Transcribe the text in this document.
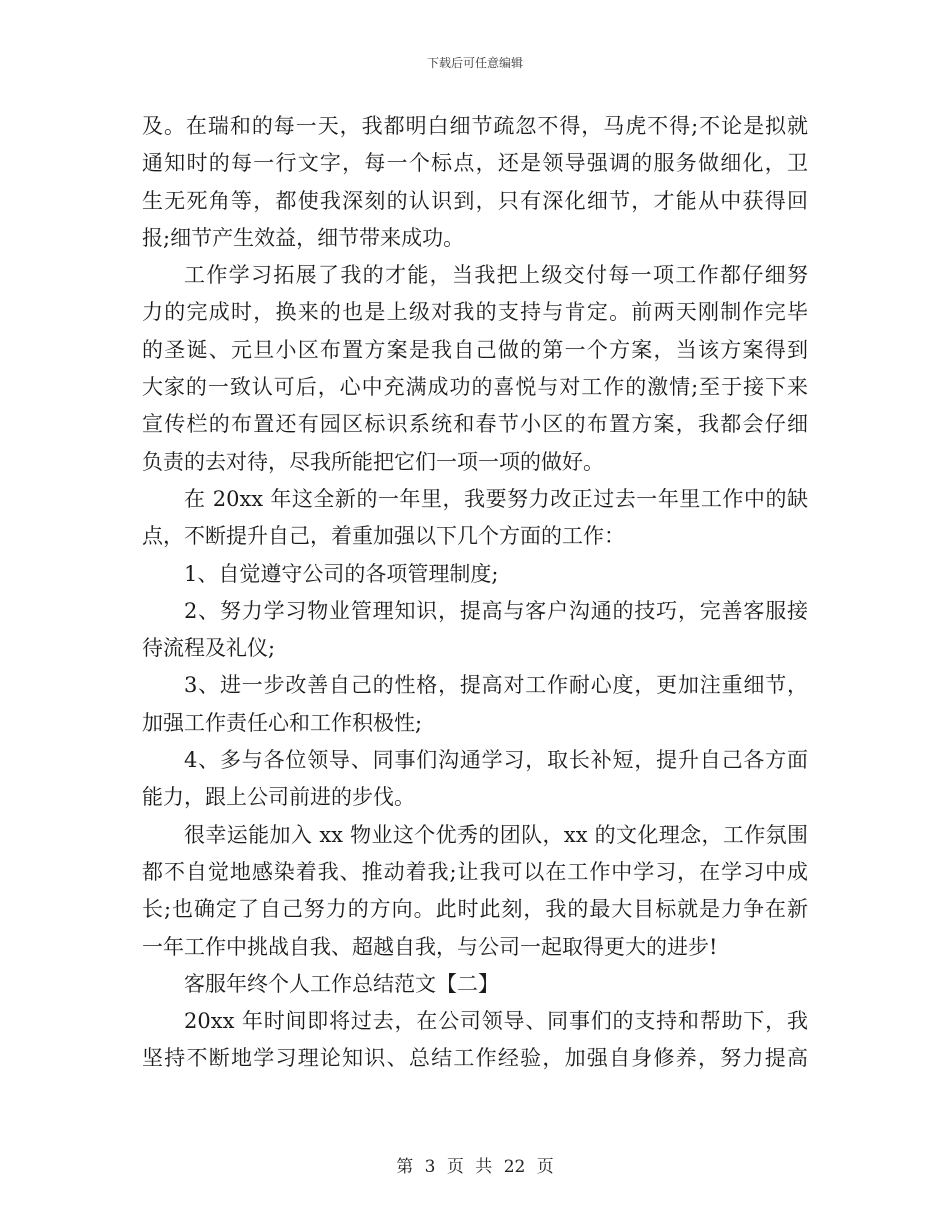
下载后可任意编辑
及。在瑞和的每一天，我都明白细节疏忽不得，马虎不得;不论是拟就
通知时的每一行文字，每一个标点，还是领导强调的服务做细化，卫
生无死角等，都使我深刻的认识到，只有深化细节，才能从中获得回
报;细节产生效益，细节带来成功。
工作学习拓展了我的才能，当我把上级交付每一项工作都仔细努
力的完成时，换来的也是上级对我的支持与肯定。前两天刚制作完毕
的圣诞、元旦小区布置方案是我自己做的第一个方案，当该方案得到
大家的一致认可后，心中充满成功的喜悦与对工作的激情;至于接下来
宣传栏的布置还有园区标识系统和春节小区的布置方案，我都会仔细
负责的去对待，尽我所能把它们一项一项的做好。
在 20xx 年这全新的一年里，我要努力改正过去一年里工作中的缺
点，不断提升自己，着重加强以下几个方面的工作：
1、自觉遵守公司的各项管理制度;
2、努力学习物业管理知识，提高与客户沟通的技巧，完善客服接
待流程及礼仪;
3、进一步改善自己的性格，提高对工作耐心度，更加注重细节，
加强工作责任心和工作积极性;
4、多与各位领导、同事们沟通学习，取长补短，提升自己各方面
能力，跟上公司前进的步伐。
很幸运能加入 xx 物业这个优秀的团队，xx 的文化理念，工作氛围
都不自觉地感染着我、推动着我;让我可以在工作中学习，在学习中成
长;也确定了自己努力的方向。此时此刻，我的最大目标就是力争在新
一年工作中挑战自我、超越自我，与公司一起取得更大的进步!
客服年终个人工作总结范文【二】
20xx 年时间即将过去，在公司领导、同事们的支持和帮助下，我
坚持不断地学习理论知识、总结工作经验，加强自身修养，努力提高
第 3 页 共 22 页
